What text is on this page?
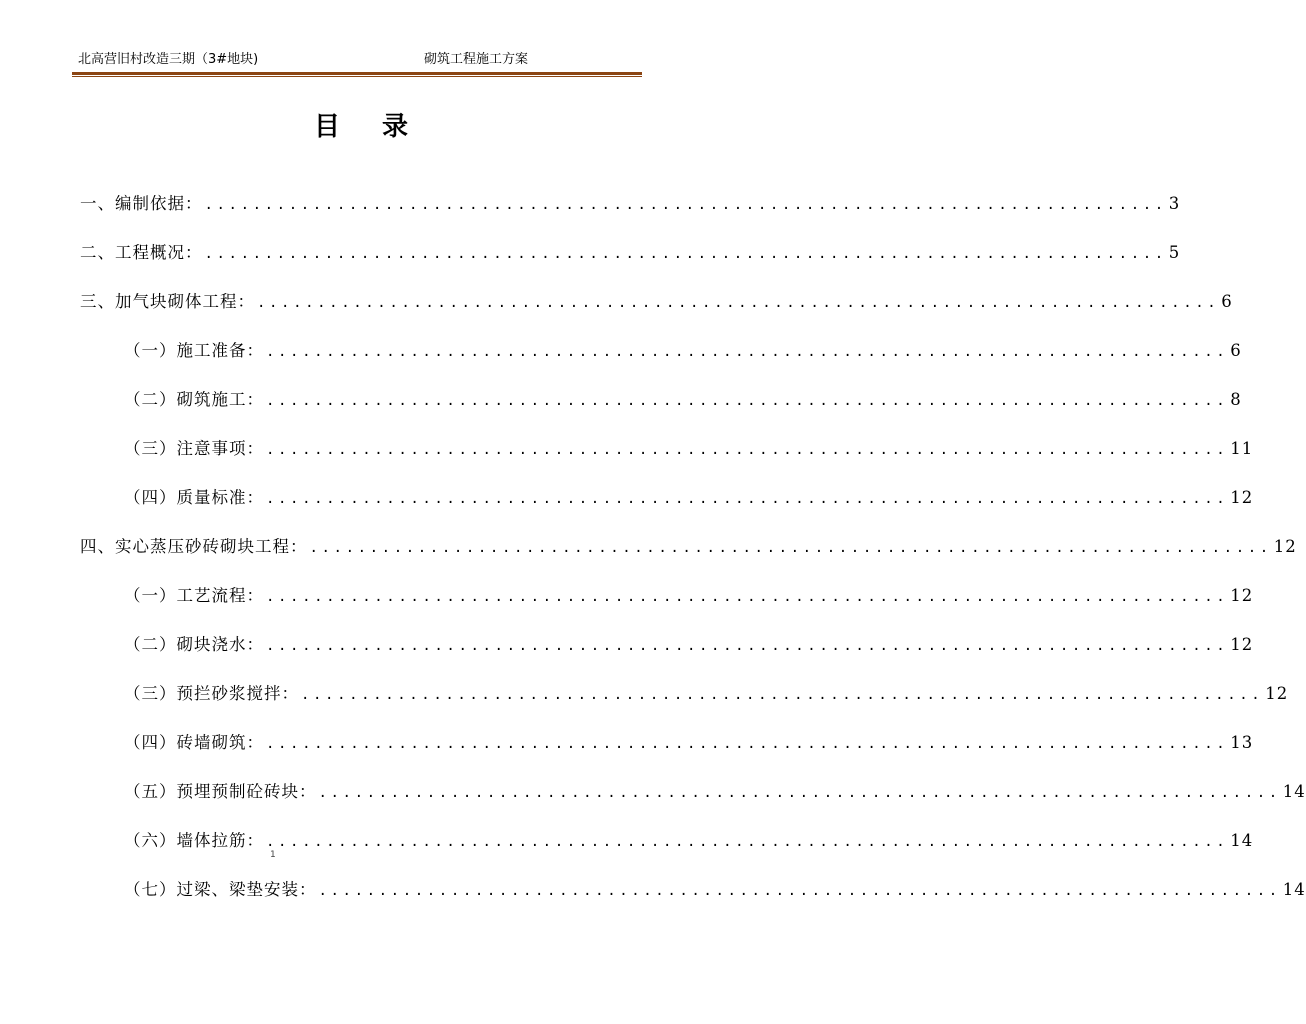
北高营旧村改造三期（3#地块)	砌筑工程施工方案
目 录
一、编制依据： ................................................................................ 3
二、工程概况： ................................................................................ 5
三、加气块砌体工程： ................................................................................ 6
（一）施工准备： ................................................................................ 6
（二）砌筑施工： ................................................................................ 8
（三）注意事项： ................................................................................ 11
（四）质量标准： ................................................................................ 12
四、实心蒸压砂砖砌块工程： ................................................................................ 12
（一）工艺流程： ................................................................................ 12
（二）砌块浇水： ................................................................................ 12
（三）预拦砂浆搅拌： ................................................................................ 12
（四）砖墙砌筑： ................................................................................ 13
（五）预埋预制砼砖块： ................................................................................ 14
（六）墙体拉筋： ................................................................................ 14
（七）过梁、梁垫安装： ................................................................................ 14
1
